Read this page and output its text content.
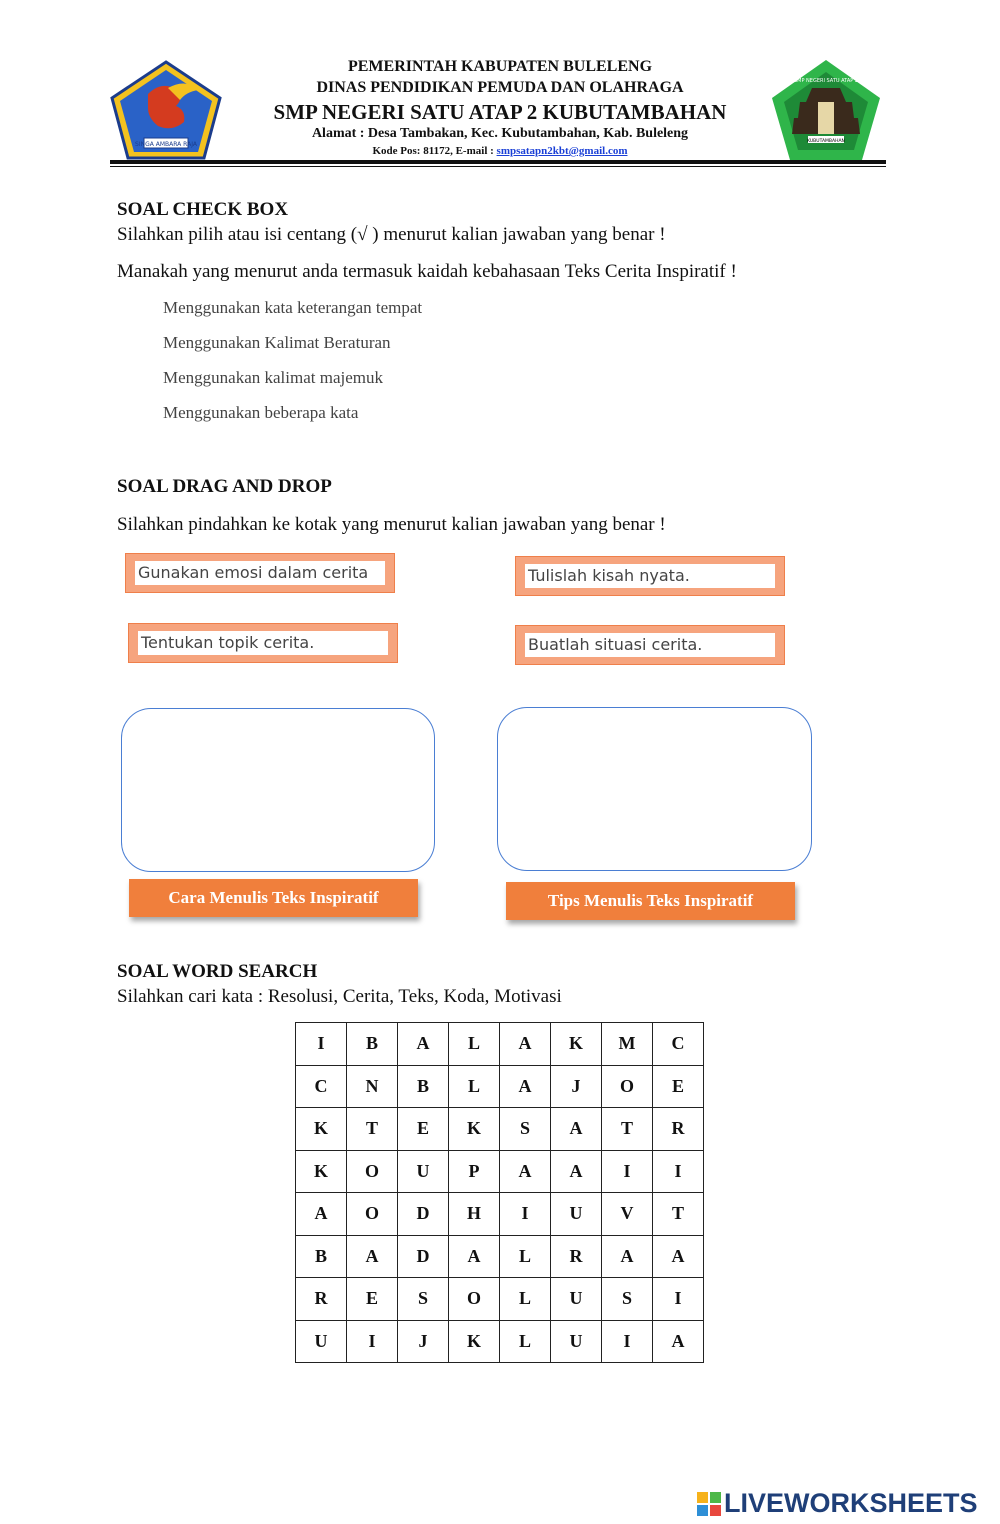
SINGA AMBARA RAJA
PEMERINTAH KABUPATEN BULELENG
DINAS PENDIDIKAN PEMUDA DAN OLAHRAGA
SMP NEGERI SATU ATAP 2 KUBUTAMBAHAN
Alamat : Desa Tambakan, Kec. Kubutambahan, Kab. Buleleng
Kode Pos: 81172, E-mail : smpsatapn2kbt@gmail.com
KUBUTAMBAHAN
SMP NEGERI SATU ATAP 2
SOAL CHECK BOX
Silahkan pilih atau isi centang (√ ) menurut kalian jawaban yang benar !
Manakah yang menurut anda termasuk kaidah kebahasaan Teks Cerita Inspiratif !
Menggunakan kata keterangan tempat
Menggunakan Kalimat Beraturan
Menggunakan kalimat majemuk
Menggunakan beberapa kata
SOAL DRAG AND DROP
Silahkan pindahkan ke kotak yang menurut kalian jawaban yang benar !
Gunakan emosi dalam cerita	Tulislah kisah nyata.
Tentukan topik cerita.	Buatlah situasi cerita.
Cara Menulis Teks Inspiratif	Tips Menulis Teks Inspiratif
SOAL WORD SEARCH
Silahkan cari kata : Resolusi, Cerita, Teks, Koda, Motivasi
I	B	A	L	A	K	M	C
C	N	B	L	A	J	O	E
K	T	E	K	S	A	T	R
K	O	U	P	A	A	I	I
A	O	D	H	I	U	V	T
B	A	D	A	L	R	A	A
R	E	S	O	L	U	S	I
U	I	J	K	L	U	I	A
LIVEWORKSHEETS
